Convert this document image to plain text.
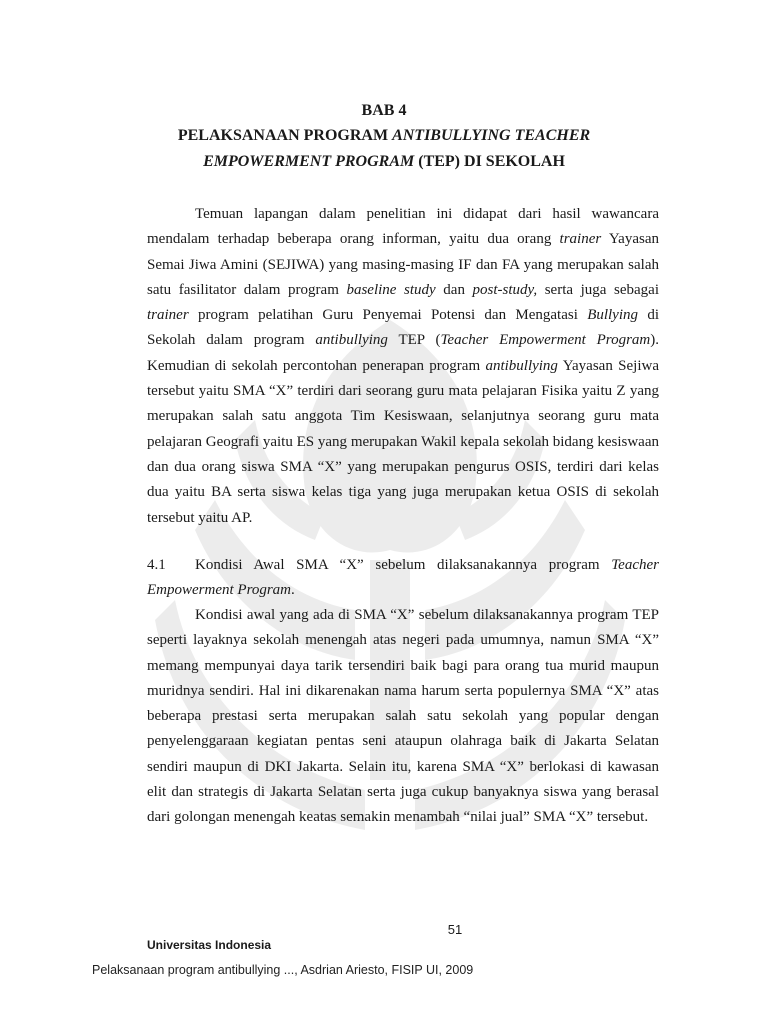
BAB 4
PELAKSANAAN PROGRAM ANTIBULLYING TEACHER
EMPOWERMENT PROGRAM (TEP) DI SEKOLAH

Temuan lapangan dalam penelitian ini didapat dari hasil wawancara mendalam terhadap beberapa orang informan, yaitu dua orang trainer Yayasan Semai Jiwa Amini (SEJIWA) yang masing-masing IF dan FA yang merupakan salah satu fasilitator dalam program baseline study dan post-study, serta juga sebagai trainer program pelatihan Guru Penyemai Potensi dan Mengatasi Bullying di Sekolah dalam program antibullying TEP (Teacher Empowerment Program). Kemudian di sekolah percontohan penerapan program antibullying Yayasan Sejiwa tersebut yaitu SMA “X” terdiri dari seorang guru mata pelajaran Fisika yaitu Z yang merupakan salah satu anggota Tim Kesiswaan, selanjutnya seorang guru mata pelajaran Geografi yaitu ES yang merupakan Wakil kepala sekolah bidang kesiswaan dan dua orang siswa SMA “X” yang merupakan pengurus OSIS, terdiri dari kelas dua yaitu BA serta siswa kelas tiga yang juga merupakan ketua OSIS di sekolah tersebut yaitu AP.

4.1 Kondisi Awal SMA “X” sebelum dilaksanakannya program Teacher
Empowerment Program.

Kondisi awal yang ada di SMA “X” sebelum dilaksanakannya program TEP seperti layaknya sekolah menengah atas negeri pada umumnya, namun SMA “X” memang mempunyai daya tarik tersendiri baik bagi para orang tua murid maupun muridnya sendiri. Hal ini dikarenakan nama harum serta populernya SMA “X” atas beberapa prestasi serta merupakan salah satu sekolah yang popular dengan penyelenggaraan kegiatan pentas seni ataupun olahraga baik di Jakarta Selatan sendiri maupun di DKI Jakarta. Selain itu, karena SMA “X” berlokasi di kawasan elit dan strategis di Jakarta Selatan serta juga cukup banyaknya siswa yang berasal dari golongan menengah keatas semakin menambah “nilai jual” SMA “X” tersebut.

51
Universitas Indonesia
Pelaksanaan program antibullying ..., Asdrian Ariesto, FISIP UI, 2009
